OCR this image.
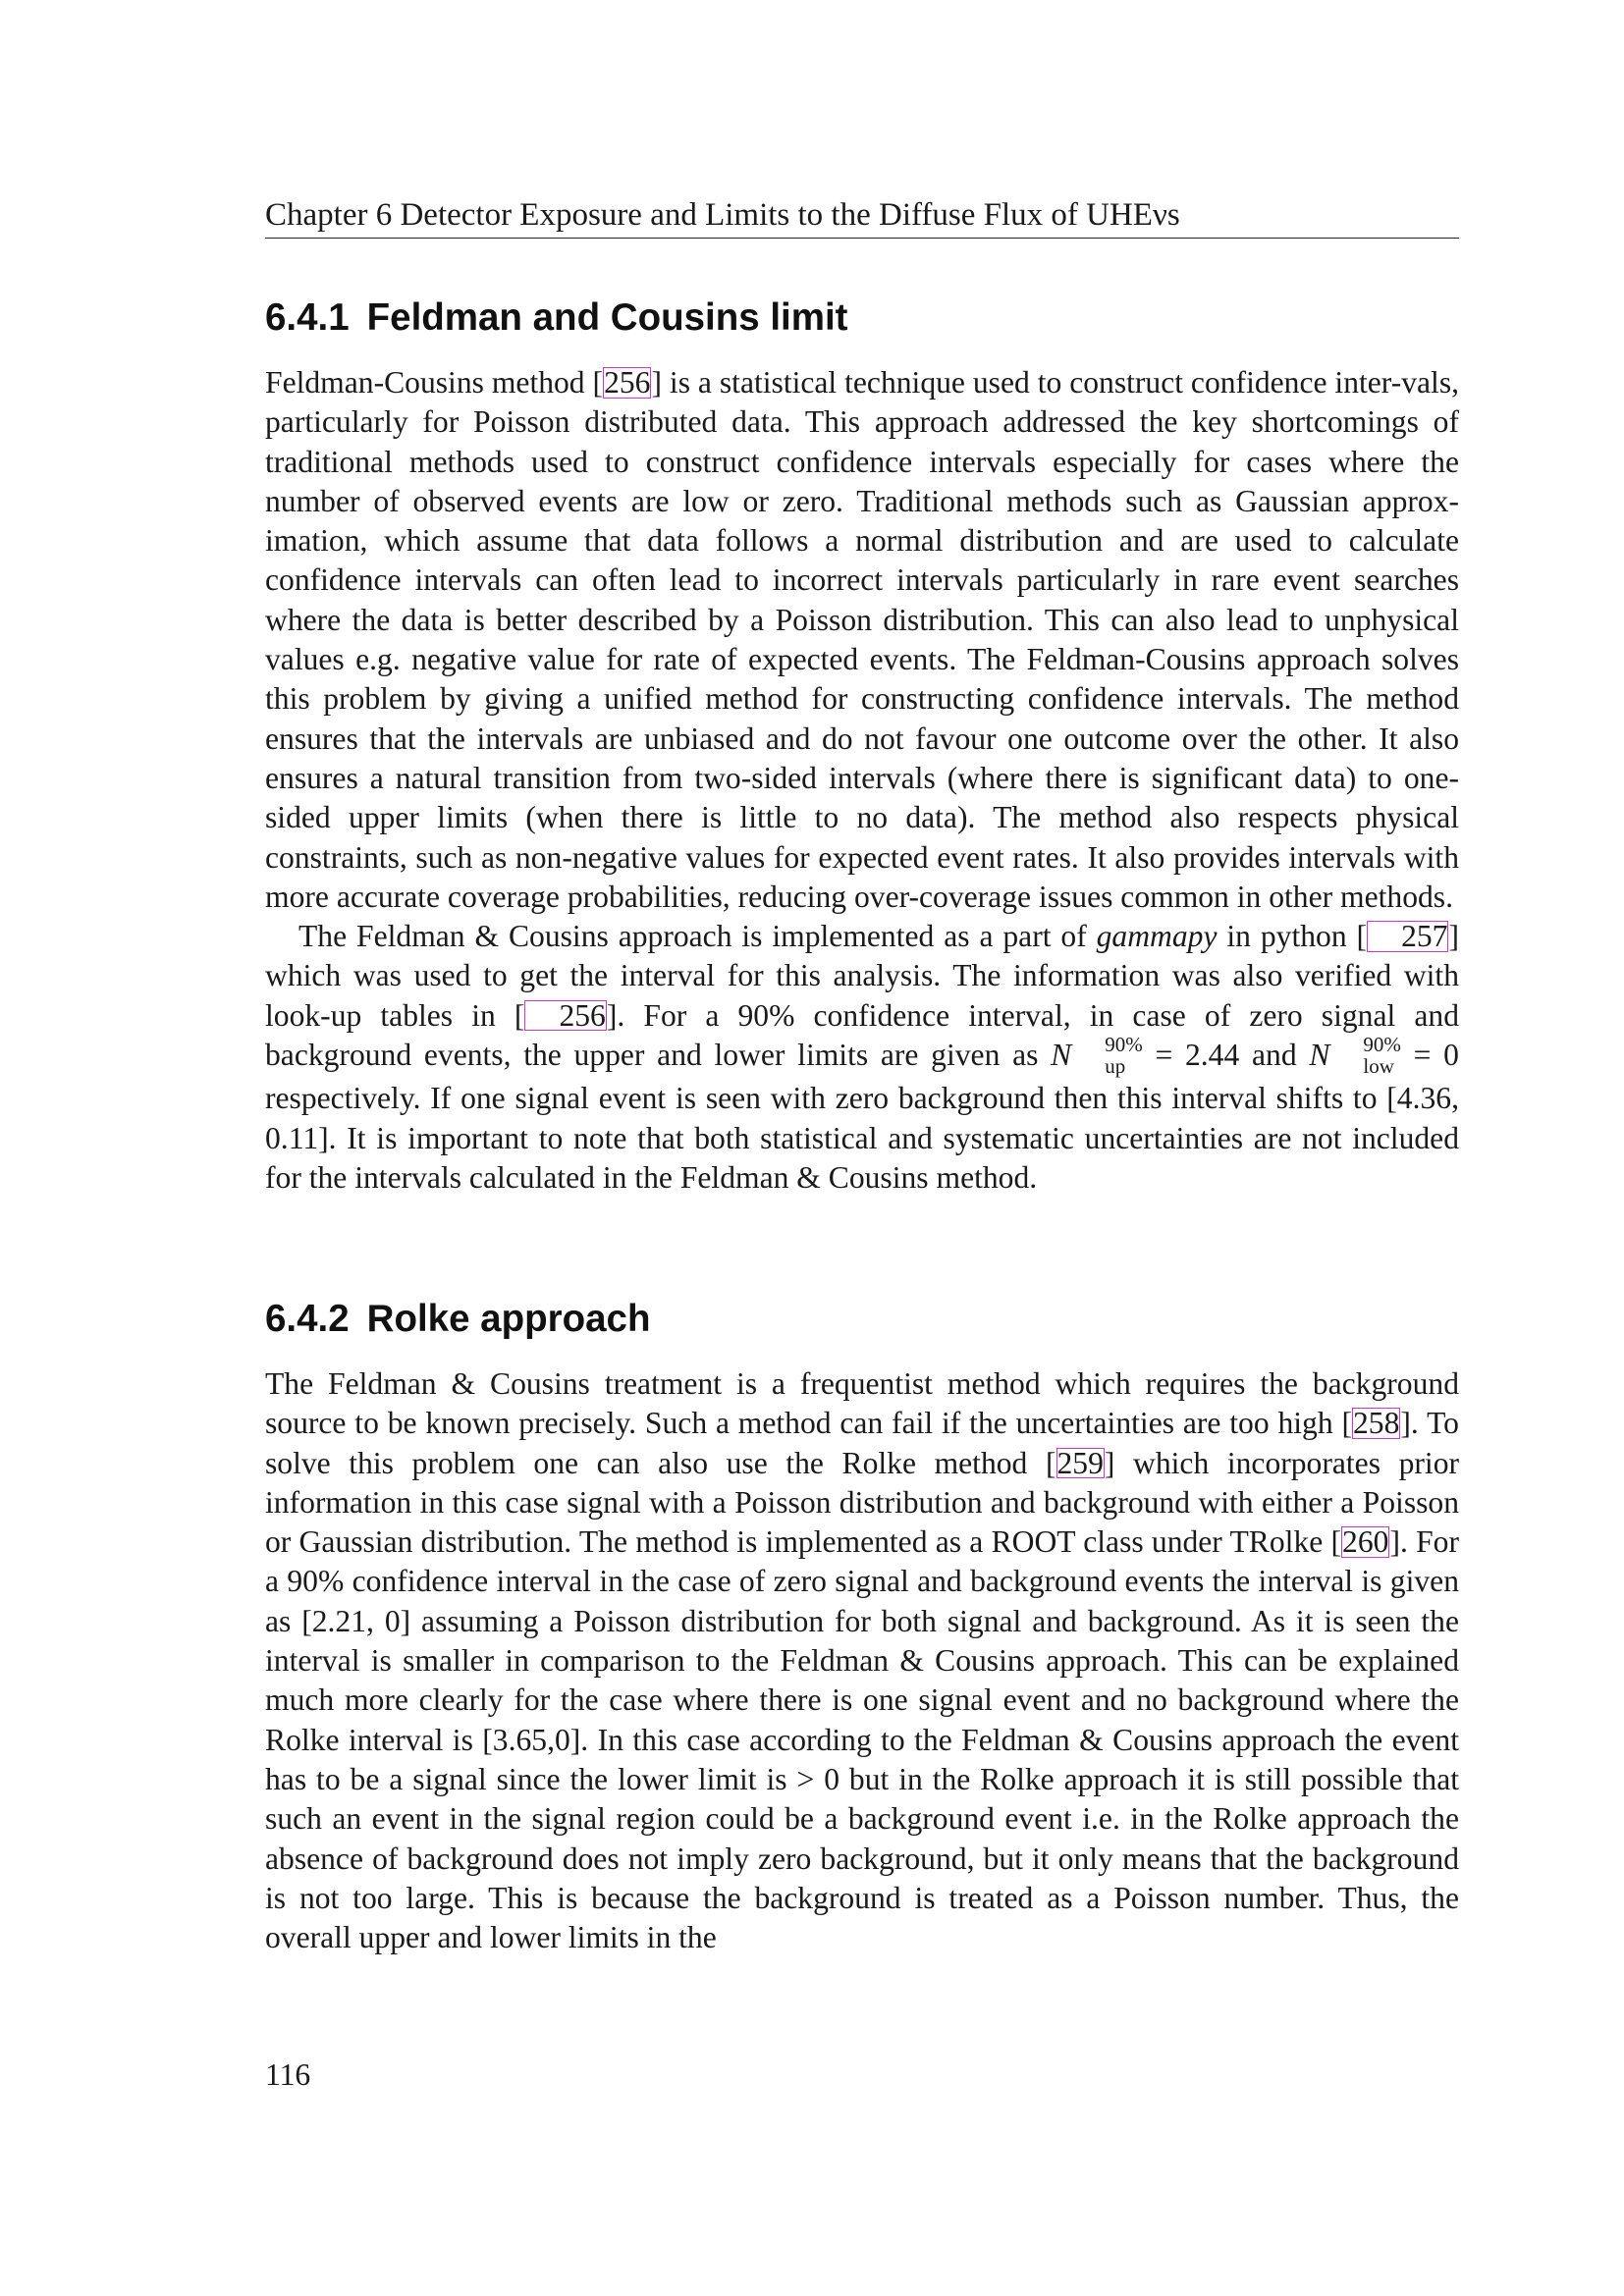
Chapter 6 Detector Exposure and Limits to the Diffuse Flux of UHEνs
6.4.1 Feldman and Cousins limit

Feldman-Cousins method [256] is a statistical technique used to construct confidence inter-vals, particularly for Poisson distributed data. This approach addressed the key shortcomings of traditional methods used to construct confidence intervals especially for cases where the number of observed events are low or zero. Traditional methods such as Gaussian approx-imation, which assume that data follows a normal distribution and are used to calculate confidence intervals can often lead to incorrect intervals particularly in rare event searches where the data is better described by a Poisson distribution. This can also lead to unphysical values e.g. negative value for rate of expected events. The Feldman-Cousins approach solves this problem by giving a unified method for constructing confidence intervals. The method ensures that the intervals are unbiased and do not favour one outcome over the other. It also ensures a natural transition from two-sided intervals (where there is significant data) to one-sided upper limits (when there is little to no data). The method also respects physical constraints, such as non-negative values for expected event rates. It also provides intervals with more accurate coverage probabilities, reducing over-coverage issues common in other methods.

The Feldman & Cousins approach is implemented as a part of gammapy in python [ 257] which was used to get the interval for this analysis. The information was also verified with look-up tables in [ 256]. For a 90% confidence interval, in case of zero signal and background events, the upper and lower limits are given as N	90%
up = 2.44 and N	90%
low = 0 respectively. If one signal event is seen with zero background then this interval shifts to [4.36, 0.11]. It is important to note that both statistical and systematic uncertainties are not included for the intervals calculated in the Feldman & Cousins method.

6.4.2 Rolke approach

The Feldman & Cousins treatment is a frequentist method which requires the background source to be known precisely. Such a method can fail if the uncertainties are too high [258]. To solve this problem one can also use the Rolke method [259] which incorporates prior information in this case signal with a Poisson distribution and background with either a Poisson or Gaussian distribution. The method is implemented as a ROOT class under TRolke [260]. For a 90% confidence interval in the case of zero signal and background events the interval is given as [2.21, 0] assuming a Poisson distribution for both signal and background. As it is seen the interval is smaller in comparison to the Feldman & Cousins approach. This can be explained much more clearly for the case where there is one signal event and no background where the Rolke interval is [3.65,0]. In this case according to the Feldman & Cousins approach the event has to be a signal since the lower limit is > 0 but in the Rolke approach it is still possible that such an event in the signal region could be a background event i.e. in the Rolke approach the absence of background does not imply zero background, but it only means that the background is not too large. This is because the background is treated as a Poisson number. Thus, the overall upper and lower limits in the

116
